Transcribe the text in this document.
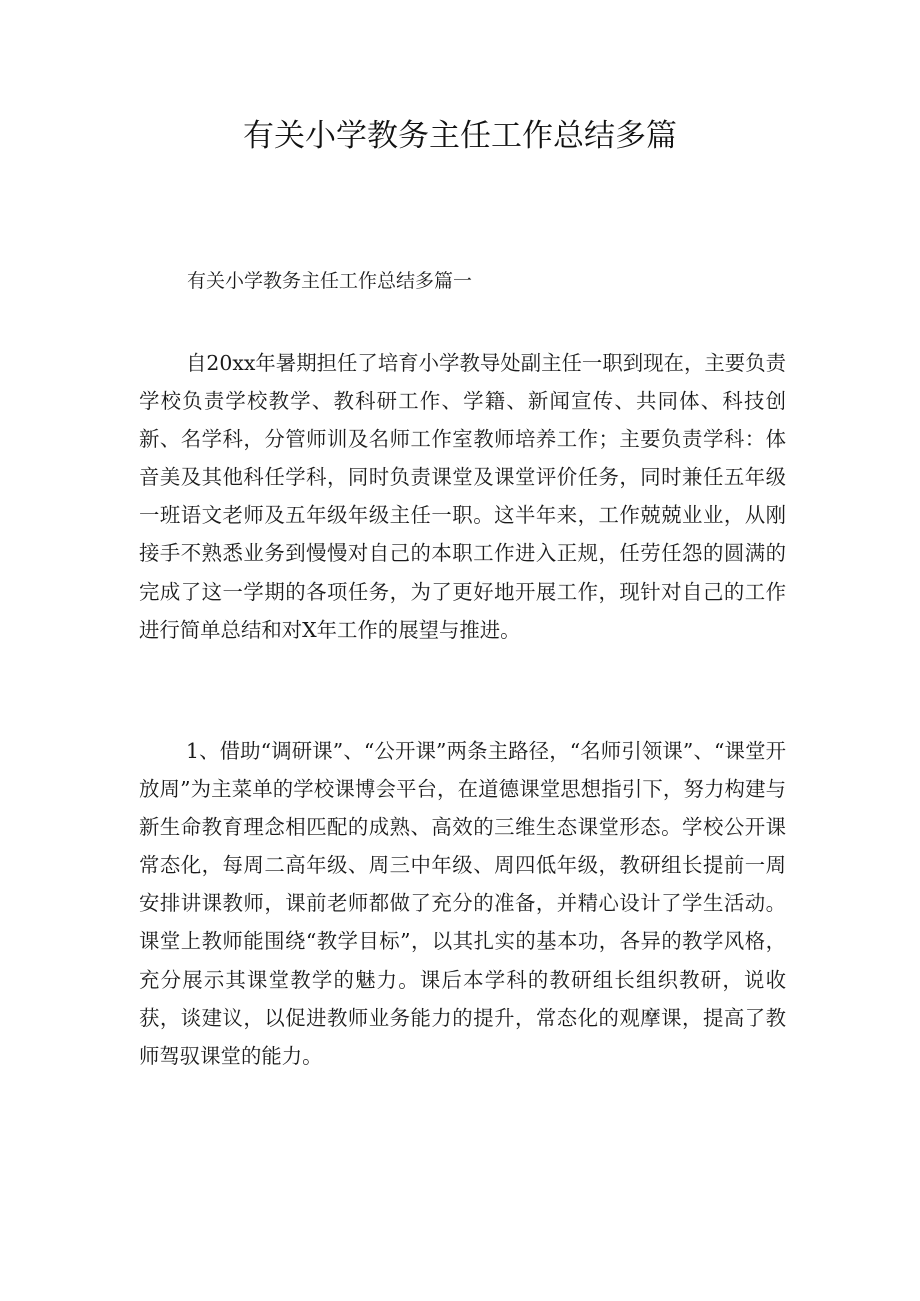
有关小学教务主任工作总结多篇
有关小学教务主任工作总结多篇一

自20xx年暑期担任了培育小学教导处副主任一职到现在，主要负责学校负责学校教学、教科研工作、学籍、新闻宣传、共同体、科技创新、名学科，分管师训及名师工作室教师培养工作；主要负责学科：体音美及其他科任学科，同时负责课堂及课堂评价任务，同时兼任五年级一班语文老师及五年级年级主任一职。这半年来，工作兢兢业业，从刚接手不熟悉业务到慢慢对自己的本职工作进入正规，任劳任怨的圆满的完成了这一学期的各项任务，为了更好地开展工作，现针对自己的工作进行简单总结和对X年工作的展望与推进。

1、借助“调研课”、“公开课”两条主路径，“名师引领课”、“课堂开放周”为主菜单的学校课博会平台，在道德课堂思想指引下，努力构建与新生命教育理念相匹配的成熟、高效的三维生态课堂形态。学校公开课常态化，每周二高年级、周三中年级、周四低年级，教研组长提前一周安排讲课教师，课前老师都做了充分的准备，并精心设计了学生活动。课堂上教师能围绕“教学目标”，以其扎实的基本功，各异的教学风格，充分展示其课堂教学的魅力。课后本学科的教研组长组织教研，说收获，谈建议，以促进教师业务能力的提升，常态化的观摩课，提高了教师驾驭课堂的能力。
